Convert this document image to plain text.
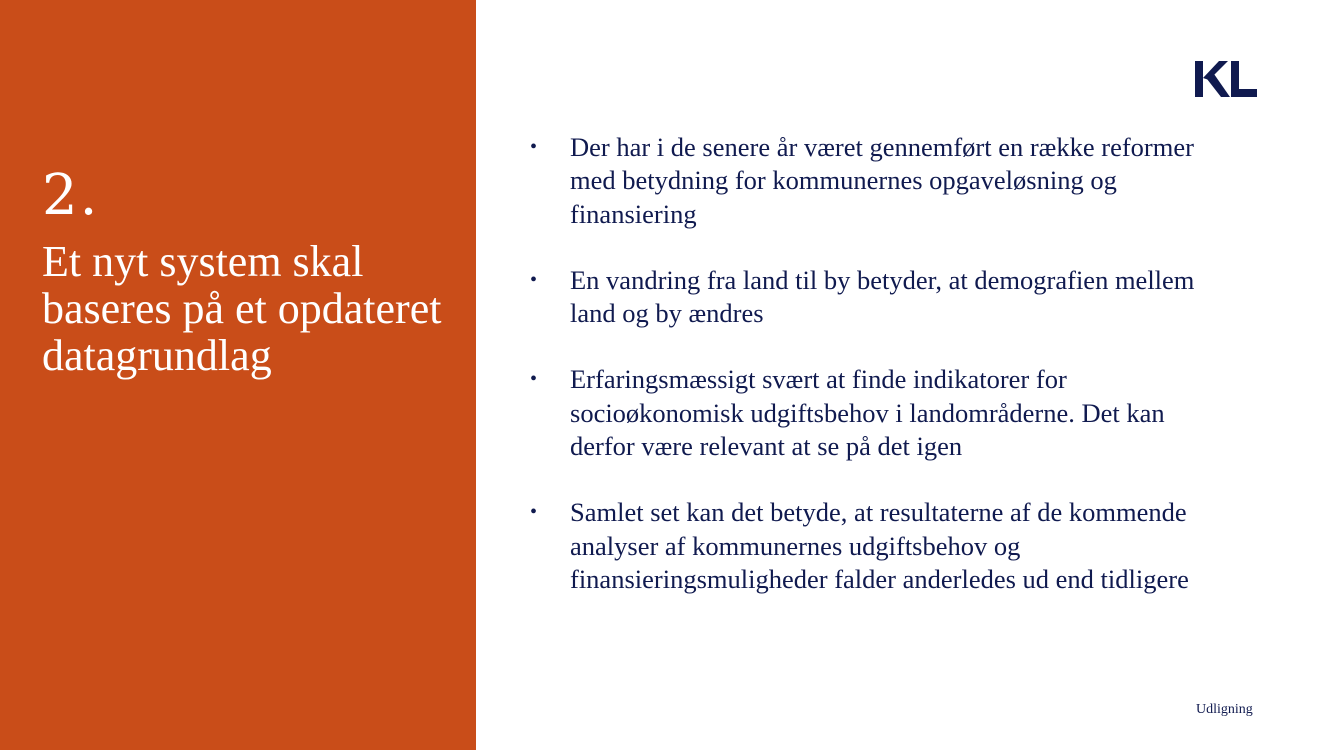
2.
Et nyt system skal baseres på et opdateret datagrundlag
• Der har i de senere år været gennemført en række reformer med betydning for kommunernes opgaveløsning og finansiering
• En vandring fra land til by betyder, at demografien mellem land og by ændres
• Erfaringsmæssigt svært at finde indikatorer for socioøkonomisk udgiftsbehov i landområderne. Det kan derfor være relevant at se på det igen
• Samlet set kan det betyde, at resultaterne af de kommende analyser af kommunernes udgiftsbehov og finansieringsmuligheder falder anderledes ud end tidligere
Udligning
